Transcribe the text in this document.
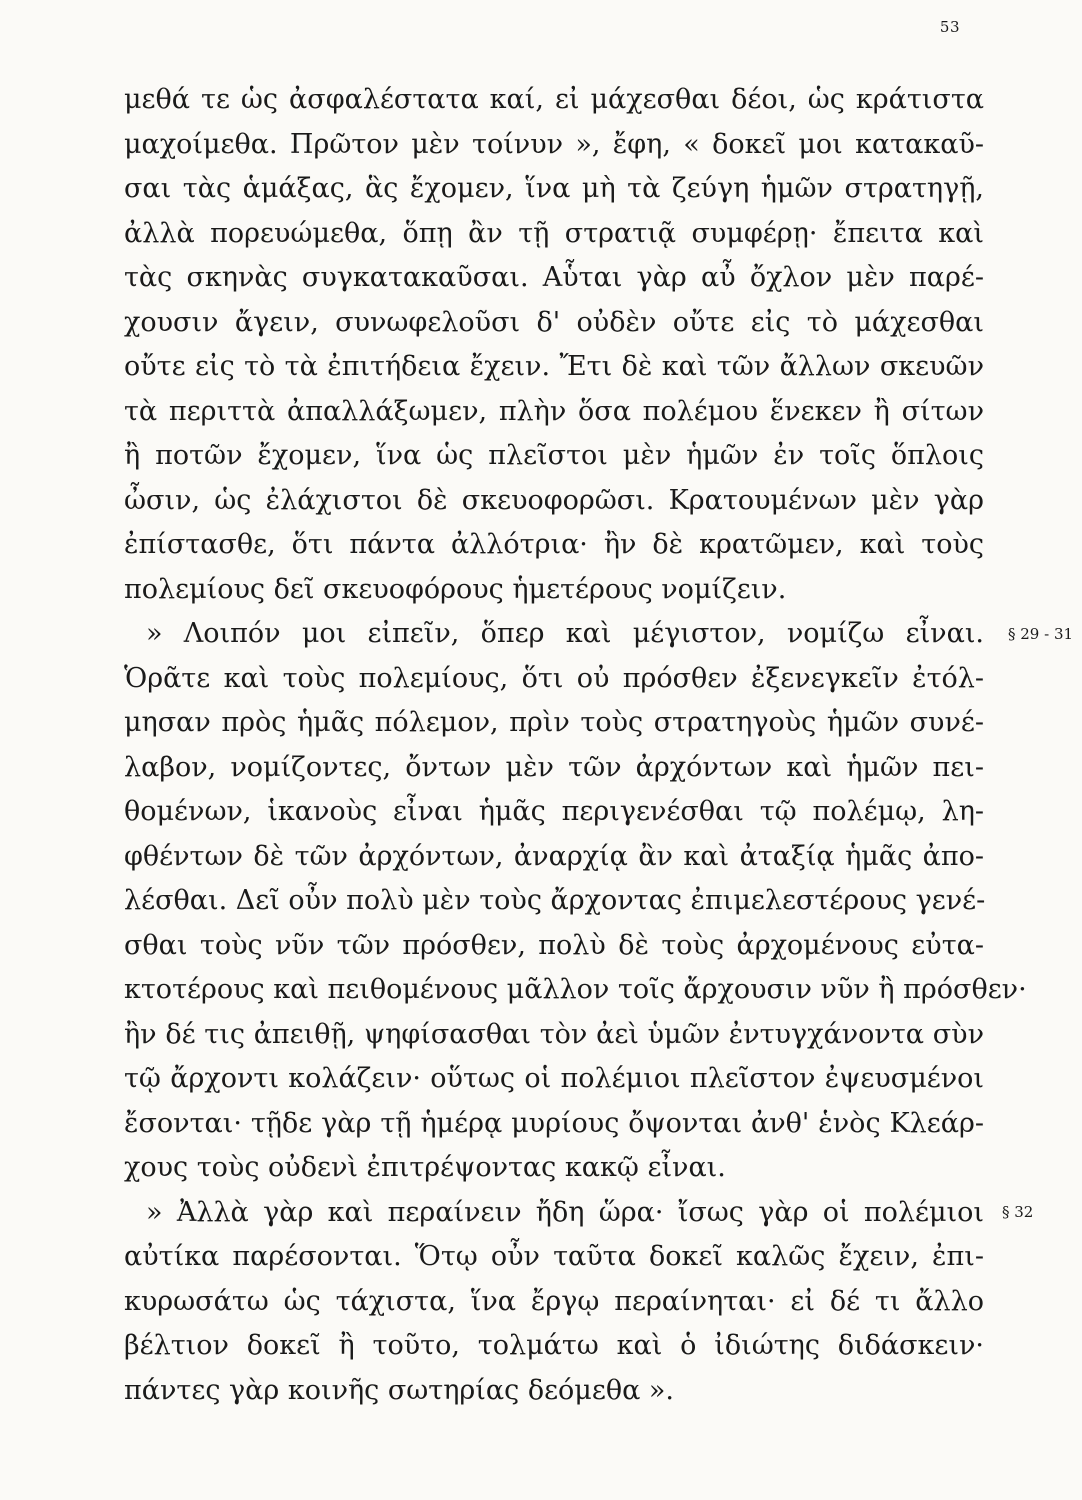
53
μεθά τε ὡς ἀσφαλέστατα καί, εἰ μάχεσθαι δέοι, ὡς κράτιστα
μαχοίμεθα. Πρῶτον μὲν τοίνυν », ἔφη, « δοκεῖ μοι κατακαῦ-
σαι τὰς ἁμάξας, ἃς ἔχομεν, ἵνα μὴ τὰ ζεύγη ἡμῶν στρατηγῇ,
ἀλλὰ πορευώμεθα, ὅπῃ ἂν τῇ στρατιᾷ συμφέρῃ· ἔπειτα καὶ
τὰς σκηνὰς συγκατακαῦσαι. Αὗται γὰρ αὖ ὄχλον μὲν παρέ-
χουσιν ἄγειν, συνωφελοῦσι δ' οὐδὲν οὔτε εἰς τὸ μάχεσθαι
οὔτε εἰς τὸ τὰ ἐπιτήδεια ἔχειν. Ἔτι δὲ καὶ τῶν ἄλλων σκευῶν
τὰ περιττὰ ἀπαλλάξωμεν, πλὴν ὅσα πολέμου ἕνεκεν ἢ σίτων
ἢ ποτῶν ἔχομεν, ἵνα ὡς πλεῖστοι μὲν ἡμῶν ἐν τοῖς ὅπλοις
ὦσιν, ὡς ἐλάχιστοι δὲ σκευοφορῶσι. Κρατουμένων μὲν γὰρ
ἐπίστασθε, ὅτι πάντα ἀλλότρια· ἢν δὲ κρατῶμεν, καὶ τοὺς
πολεμίους δεῖ σκευοφόρους ἡμετέρους νομίζειν.
» Λοιπόν μοι εἰπεῖν, ὅπερ καὶ μέγιστον, νομίζω εἶναι.
Ὁρᾶτε καὶ τοὺς πολεμίους, ὅτι οὐ πρόσθεν ἐξενεγκεῖν ἐτόλ-
μησαν πρὸς ἡμᾶς πόλεμον, πρὶν τοὺς στρατηγοὺς ἡμῶν συνέ-
λαβον, νομίζοντες, ὄντων μὲν τῶν ἀρχόντων καὶ ἡμῶν πει-
θομένων, ἱκανοὺς εἶναι ἡμᾶς περιγενέσθαι τῷ πολέμῳ, λη-
φθέντων δὲ τῶν ἀρχόντων, ἀναρχίᾳ ἂν καὶ ἀταξίᾳ ἡμᾶς ἀπο-
λέσθαι. Δεῖ οὖν πολὺ μὲν τοὺς ἄρχοντας ἐπιμελεστέρους γενέ-
σθαι τοὺς νῦν τῶν πρόσθεν, πολὺ δὲ τοὺς ἀρχομένους εὐτα-
κτοτέρους καὶ πειθομένους μᾶλλον τοῖς ἄρχουσιν νῦν ἢ πρόσθεν·
ἢν δέ τις ἀπειθῇ, ψηφίσασθαι τὸν ἀεὶ ὑμῶν ἐντυγχάνοντα σὺν
τῷ ἄρχοντι κολάζειν· οὕτως οἱ πολέμιοι πλεῖστον ἐψευσμένοι
ἔσονται· τῇδε γὰρ τῇ ἡμέρᾳ μυρίους ὄψονται ἀνθ' ἑνὸς Κλεάρ-
χους τοὺς οὐδενὶ ἐπιτρέψοντας κακῷ εἶναι.
» Ἀλλὰ γὰρ καὶ περαίνειν ἤδη ὥρα· ἴσως γὰρ οἱ πολέμιοι
αὐτίκα παρέσονται. Ὅτῳ οὖν ταῦτα δοκεῖ καλῶς ἔχειν, ἐπι-
κυρωσάτω ὡς τάχιστα, ἵνα ἔργῳ περαίνηται· εἰ δέ τι ἄλλο
βέλτιον δοκεῖ ἢ τοῦτο, τολμάτω καὶ ὁ ἰδιώτης διδάσκειν·
πάντες γὰρ κοινῆς σωτηρίας δεόμεθα ».
§ 29 - 31
§ 32
